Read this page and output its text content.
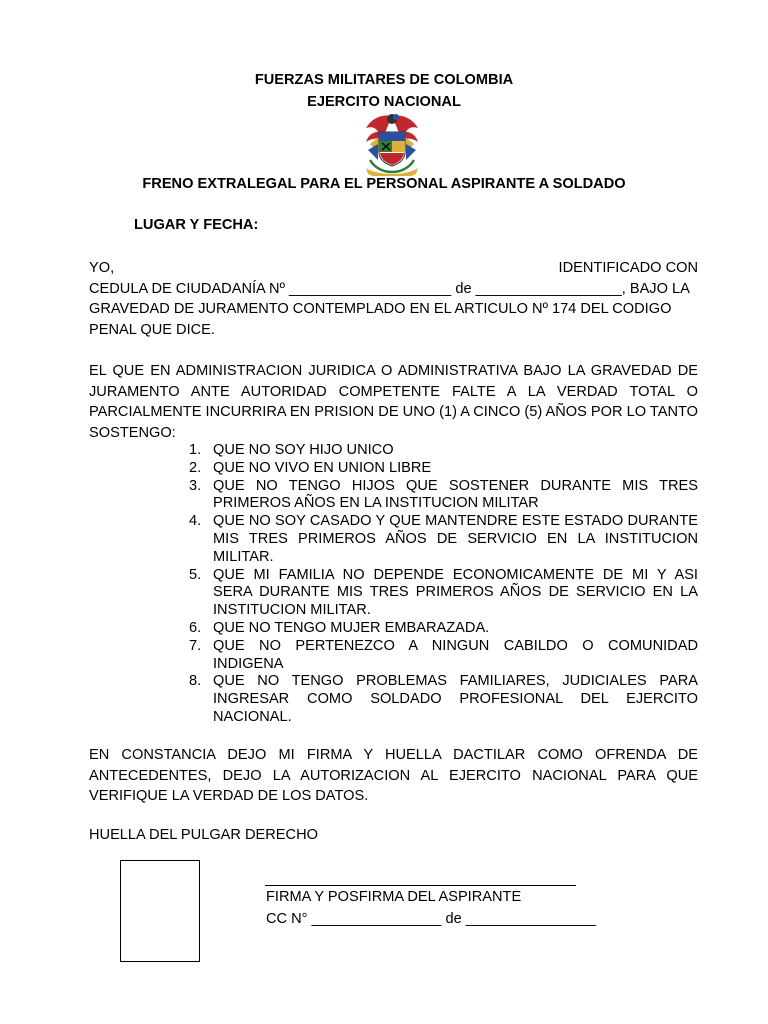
FUERZAS MILITARES DE COLOMBIA
EJERCITO NACIONAL
FRENO EXTRALEGAL PARA EL PERSONAL ASPIRANTE A SOLDADO
LUGAR Y FECHA:
YO,	IDENTIFICADO CON
CEDULA DE CIUDADANÍA Nº ____________________ de __________________, BAJO LA
GRAVEDAD DE JURAMENTO CONTEMPLADO EN EL ARTICULO Nº 174 DEL CODIGO
PENAL QUE DICE.
EL QUE EN ADMINISTRACION JURIDICA O ADMINISTRATIVA BAJO LA GRAVEDAD DE JURAMENTO ANTE AUTORIDAD COMPETENTE FALTE A LA VERDAD TOTAL O PARCIALMENTE INCURRIRA EN PRISION DE UNO (1) A CINCO (5) AÑOS POR LO TANTO SOSTENGO:
1. QUE NO SOY HIJO UNICO
2. QUE NO VIVO EN UNION LIBRE
3. QUE NO TENGO HIJOS QUE SOSTENER DURANTE MIS TRES PRIMEROS AÑOS EN LA INSTITUCION MILITAR
4. QUE NO SOY CASADO Y QUE MANTENDRE ESTE ESTADO DURANTE MIS TRES PRIMEROS AÑOS DE SERVICIO EN LA INSTITUCION MILITAR.
5. QUE MI FAMILIA NO DEPENDE ECONOMICAMENTE DE MI Y ASI SERA DURANTE MIS TRES PRIMEROS AÑOS DE SERVICIO EN LA INSTITUCION MILITAR.
6. QUE NO TENGO MUJER EMBARAZADA.
7. QUE NO PERTENEZCO A NINGUN CABILDO O COMUNIDAD INDIGENA
8. QUE NO TENGO PROBLEMAS FAMILIARES, JUDICIALES PARA INGRESAR COMO SOLDADO PROFESIONAL DEL EJERCITO NACIONAL.
EN CONSTANCIA DEJO MI FIRMA Y HUELLA DACTILAR COMO OFRENDA DE ANTECEDENTES, DEJO LA AUTORIZACION AL EJERCITO NACIONAL PARA QUE VERIFIQUE LA VERDAD DE LOS DATOS.
HUELLA DEL PULGAR DERECHO
FIRMA Y POSFIRMA DEL ASPIRANTE
CC N° ________________ de ________________
